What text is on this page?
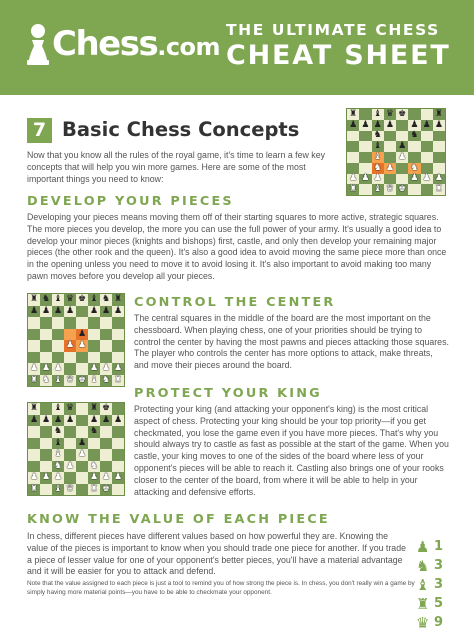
Chess.com
THE ULTIMATE CHESS
CHEAT SHEET
7 Basic Chess Concepts

Now that you know all the rules of the royal game, it's time to learn a few key concepts that will help you win more games. Here are some of the most important things you need to know:

♜ ♝ ♛ ♚	♜
♟ ♟ ♟ ♟ ♟ ♟ ♟
♞	♞
♝ ♟
♝ ♟
♞ ♟ ♞
♟ ♟ ♟	♟ ♟ ♟
♜ ♝ ♛ ♚	♜
DEVELOP YOUR PIECES

Developing your pieces means moving them off of their starting squares to more active, strategic squares. The more pieces you develop, the more you can use the full power of your army. It's usually a good idea to develop your minor pieces (knights and bishops) first, castle, and only then develop your remaining major pieces (the other rook and the queen). It's also a good idea to avoid moving the same piece more than once in the opening unless you need to move it to avoid losing it. It's also important to avoid making too many pawn moves before you develop all your pieces.

♜ ♞ ♝ ♛ ♚ ♝ ♞ ♜
♟ ♟ ♟ ♟ ♟ ♟ ♟
♟
♟ ♟
♟ ♟ ♟	♟ ♟ ♟
♜ ♞ ♝ ♛ ♚ ♝ ♞ ♜
CONTROL THE CENTER

The central squares in the middle of the board are the most important on the chessboard. When playing chess, one of your priorities should be trying to control the center by having the most pawns and pieces attacking those squares. The player who controls the center has more options to attack, make threats, and move their pieces around the board.

PROTECT YOUR KING

Protecting your king (and attacking your opponent's king) is the most critical aspect of chess. Protecting your king should be your top priority—if you get checkmated, you lose the game even if you have more pieces. That's why you should always try to castle as fast as possible at the start of the game. When you castle, your king moves to one of the sides of the board where less of your opponent's pieces will be able to reach it. Castling also brings one of your rooks closer to the center of the board, from where it will be able to help in your attacking and defensive efforts.

♜ ♝ ♛ ♜ ♚
♟ ♟ ♟ ♟ ♟ ♟ ♟
♞	♞
♝ ♟
♝ ♟
♞ ♟ ♞
♟ ♟ ♟	♟ ♟ ♟
♜ ♝ ♛ ♜ ♚
KNOW THE VALUE OF EACH PIECE

In chess, different pieces have different values based on how powerful they are. Knowing the value of the pieces is important to know when you should trade one piece for another. If you trade a piece of lesser value for one of your opponent's better pieces, you'll have a material advantage and it will be easier for you to attack and defend.

♟ 1
♞ 3
♝ 3
♜ 5
♛ 9

Note that the value assigned to each piece is just a tool to remind you of how strong the piece is. In chess, you don't really win a game by simply having more material points—you have to be able to checkmate your opponent.
